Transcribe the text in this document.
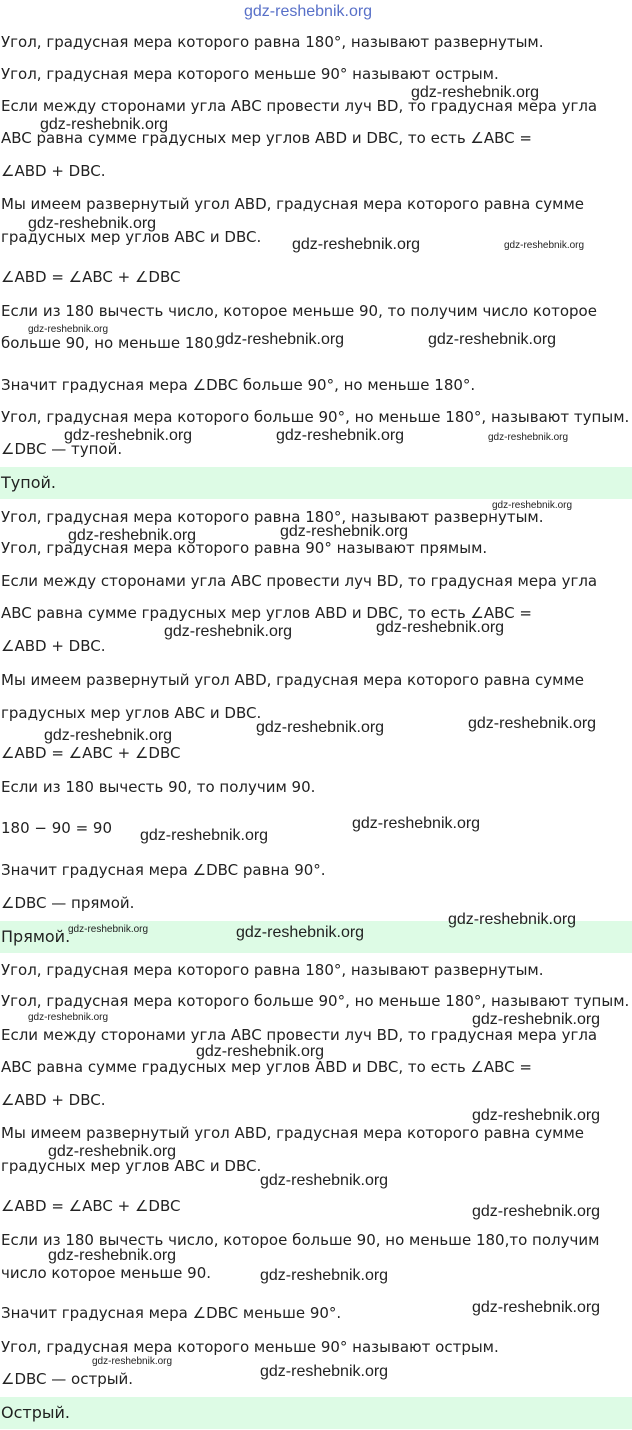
gdz-reshebnik.org
Угол, градусная мера которого равна 180°, называют развернутым.
Угол, градусная мера которого меньше 90° называют острым.
Если между сторонами угла ABC провести луч BD, то градусная мера угла
ABC равна сумме градусных мер углов ABD и DBC, то есть ∠ABC =
∠ABD + DBC.
Мы имеем развернутый угол ABD, градусная мера которого равна сумме
градусных мер углов ABC и DBC.
∠ABD = ∠ABC + ∠DBC
Если из 180 вычесть число, которое меньше 90, то получим число которое
больше 90, но меньше 180.
Значит градусная мера ∠DBC больше 90°, но меньше 180°.
Угол, градусная мера которого больше 90°, но меньше 180°, называют тупым.
∠DBC — тупой.
Тупой.
Угол, градусная мера которого равна 180°, называют развернутым.
Угол, градусная мера которого равна 90° называют прямым.
Если между сторонами угла ABC провести луч BD, то градусная мера угла
ABC равна сумме градусных мер углов ABD и DBC, то есть ∠ABC =
∠ABD + DBC.
Мы имеем развернутый угол ABD, градусная мера которого равна сумме
градусных мер углов ABC и DBC.
∠ABD = ∠ABC + ∠DBC
Если из 180 вычесть 90, то получим 90.
180 − 90 = 90
Значит градусная мера ∠DBC равна 90°.
∠DBC — прямой.
Прямой.
Угол, градусная мера которого равна 180°, называют развернутым.
Угол, градусная мера которого больше 90°, но меньше 180°, называют тупым.
Если между сторонами угла ABC провести луч BD, то градусная мера угла
ABC равна сумме градусных мер углов ABD и DBC, то есть ∠ABC =
∠ABD + DBC.
Мы имеем развернутый угол ABD, градусная мера которого равна сумме
градусных мер углов ABC и DBC.
∠ABD = ∠ABC + ∠DBC
Если из 180 вычесть число, которое больше 90, но меньше 180,то получим
число которое меньше 90.
Значит градусная мера ∠DBC меньше 90°.
Угол, градусная мера которого меньше 90° называют острым.
∠DBC — острый.
Острый.
gdz-reshebnik.org
gdz-reshebnik.org
gdz-reshebnik.org
gdz-reshebnik.org	gdz-reshebnik.org
gdz-reshebnik.org
gdz-reshebnik.org	gdz-reshebnik.org
gdz-reshebnik.org	gdz-reshebnik.org	gdz-reshebnik.org
gdz-reshebnik.org
gdz-reshebnik.org
gdz-reshebnik.org
gdz-reshebnik.org
gdz-reshebnik.org
gdz-reshebnik.org
gdz-reshebnik.org
gdz-reshebnik.org
gdz-reshebnik.org
gdz-reshebnik.org
gdz-reshebnik.org
gdz-reshebnik.org	gdz-reshebnik.org
gdz-reshebnik.org	gdz-reshebnik.org
gdz-reshebnik.org
gdz-reshebnik.org
gdz-reshebnik.org
gdz-reshebnik.org
gdz-reshebnik.org
gdz-reshebnik.org
gdz-reshebnik.org
gdz-reshebnik.org
gdz-reshebnik.org
gdz-reshebnik.org
